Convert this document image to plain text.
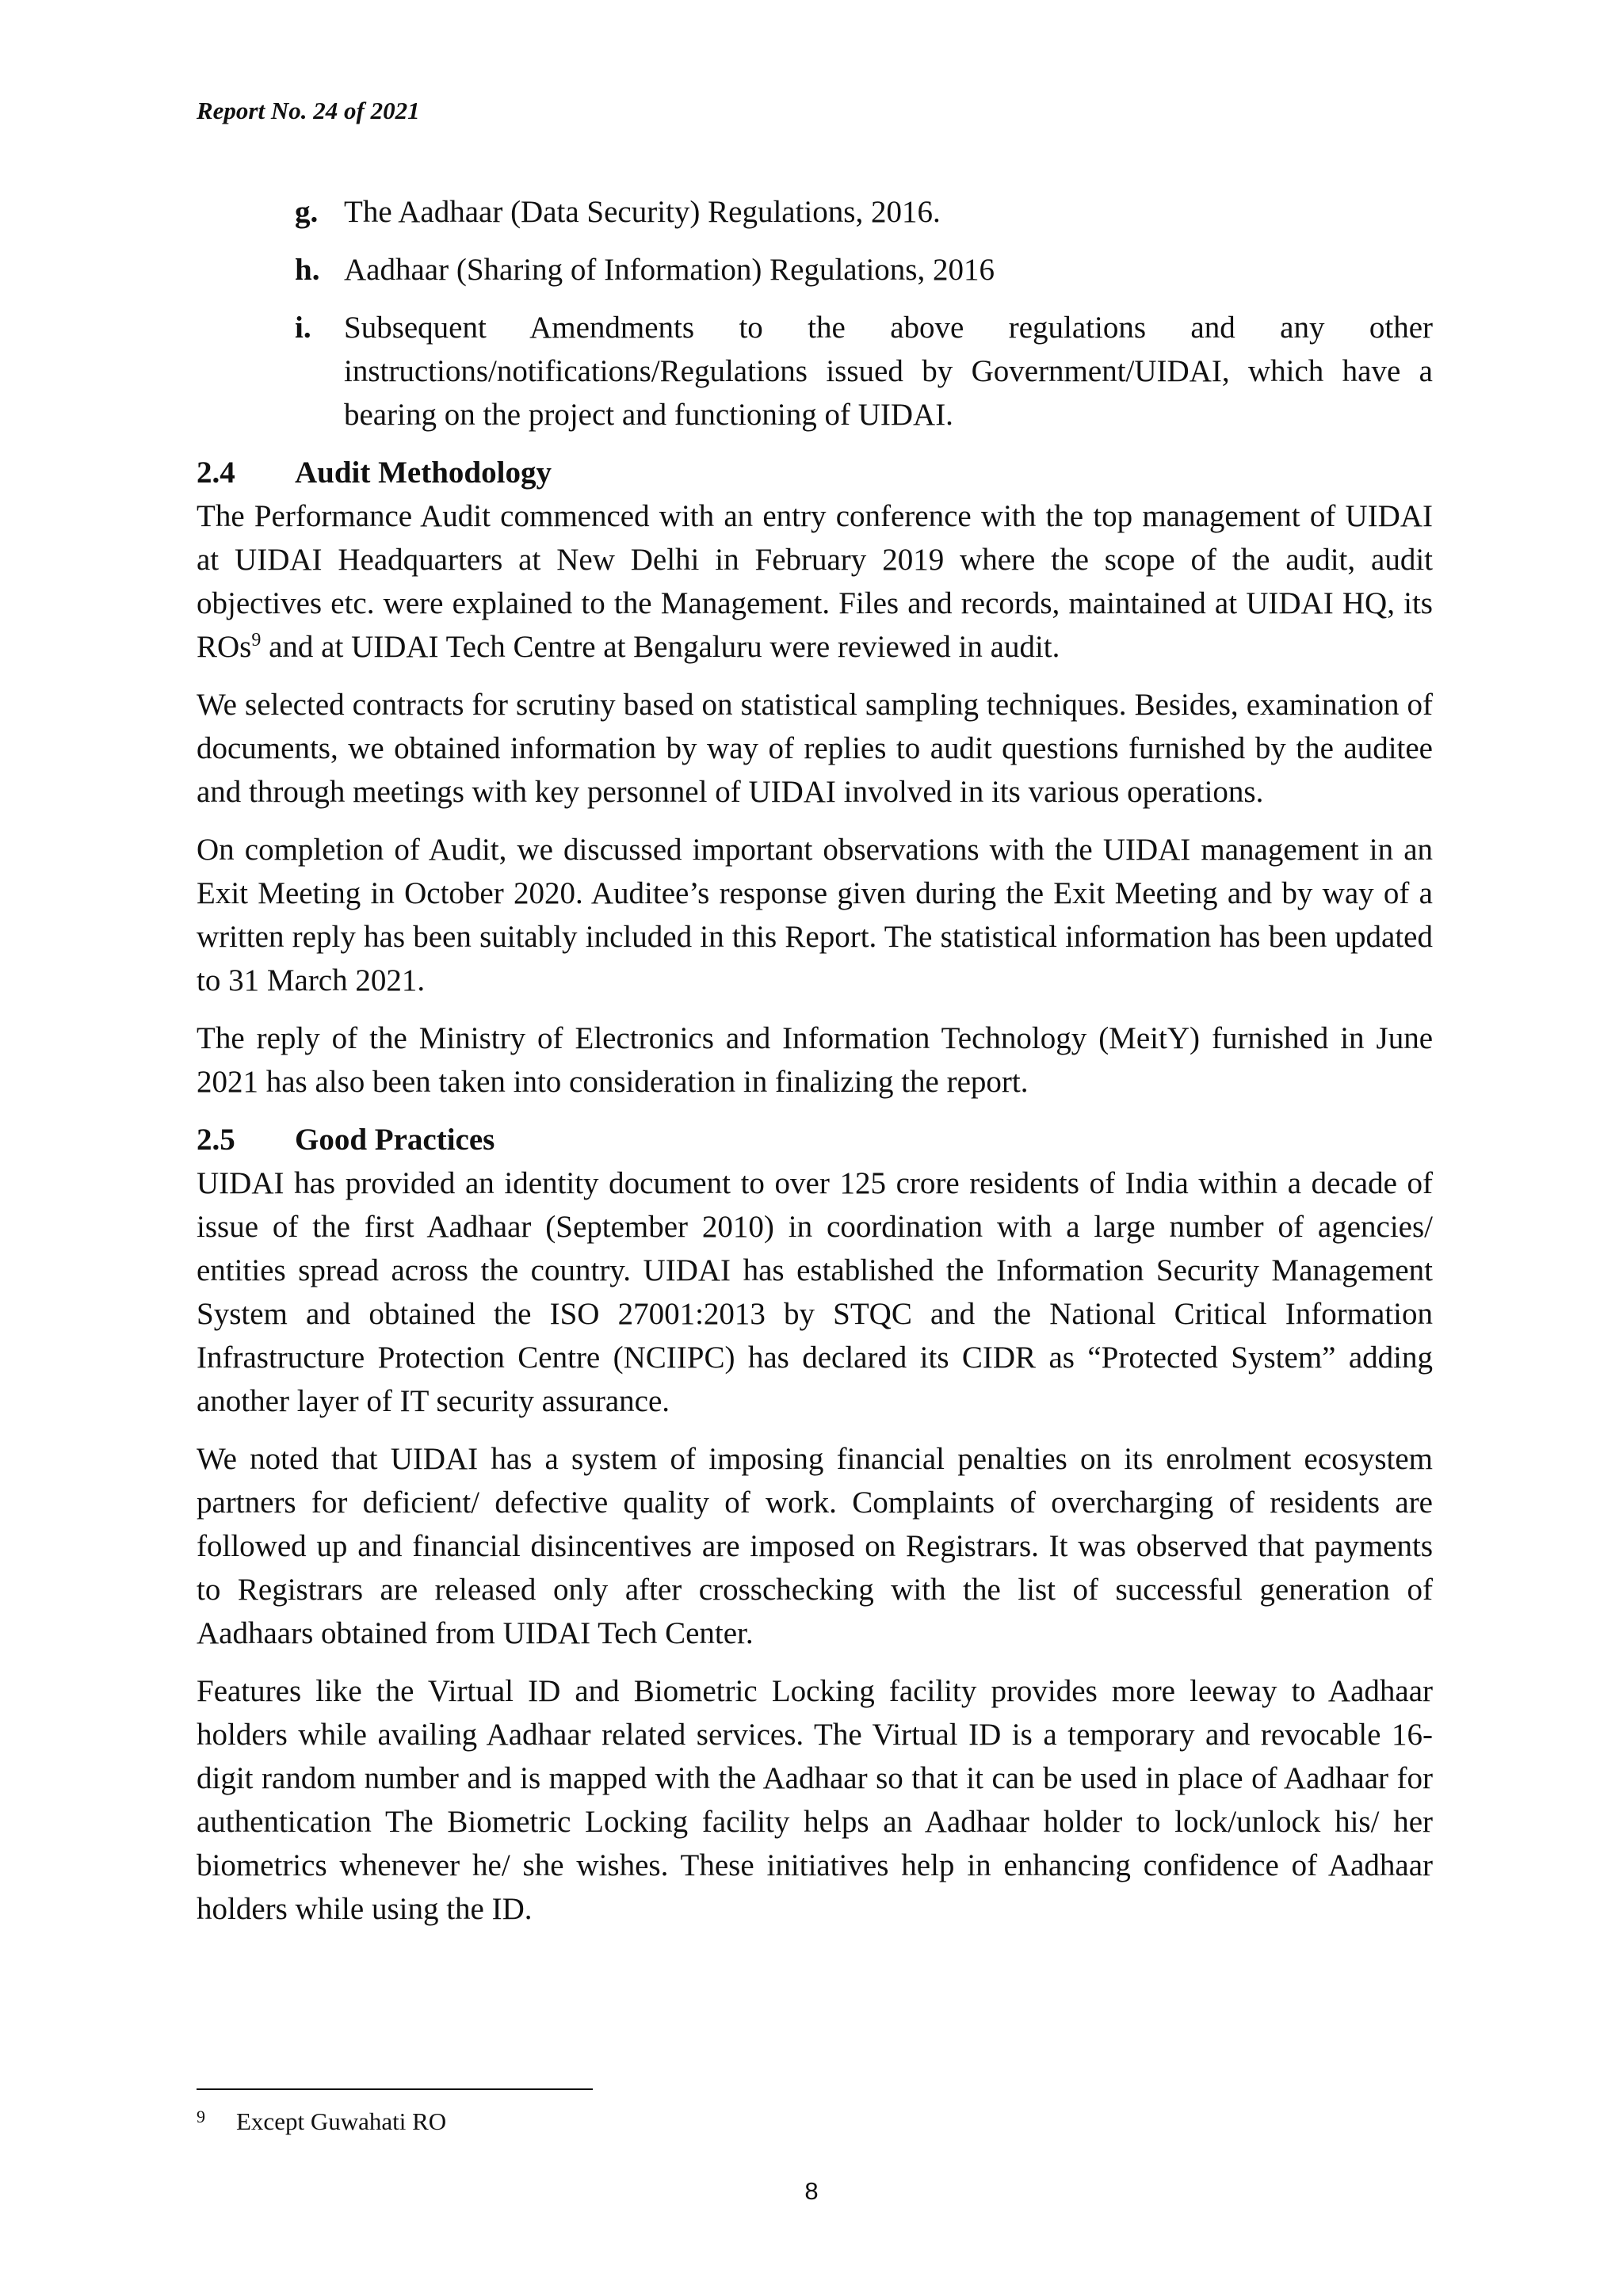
Report No. 24 of 2021
g. The Aadhaar (Data Security) Regulations, 2016.
h. Aadhaar (Sharing of Information) Regulations, 2016
i.	Subsequent Amendments to the above regulations and any other instructions/notifications/Regulations issued by Government/UIDAI, which have a bearing on the project and functioning of UIDAI.
2.4	Audit Methodology

The Performance Audit commenced with an entry conference with the top management of UIDAI at UIDAI Headquarters at New Delhi in February 2019 where the scope of the audit, audit objectives etc. were explained to the Management. Files and records, maintained at UIDAI HQ, its ROs$^9$ and at UIDAI Tech Centre at Bengaluru were reviewed in audit.

We selected contracts for scrutiny based on statistical sampling techniques. Besides, examination of documents, we obtained information by way of replies to audit questions furnished by the auditee and through meetings with key personnel of UIDAI involved in its various operations.

On completion of Audit, we discussed important observations with the UIDAI management in an Exit Meeting in October 2020. Auditee’s response given during the Exit Meeting and by way of a written reply has been suitably included in this Report. The statistical information has been updated to 31 March 2021.

The reply of the Ministry of Electronics and Information Technology (MeitY) furnished in June 2021 has also been taken into consideration in finalizing the report.

2.5	Good Practices

UIDAI has provided an identity document to over 125 crore residents of India within a decade of issue of the first Aadhaar (September 2010) in coordination with a large number of agencies/ entities spread across the country. UIDAI has established the Information Security Management System and obtained the ISO 27001:2013 by STQC and the National Critical Information Infrastructure Protection Centre (NCIIPC) has declared its CIDR as “Protected System” adding another layer of IT security assurance.

We noted that UIDAI has a system of imposing financial penalties on its enrolment ecosystem partners for deficient/ defective quality of work. Complaints of overcharging of residents are followed up and financial disincentives are imposed on Registrars. It was observed that payments to Registrars are released only after crosschecking with the list of successful generation of Aadhaars obtained from UIDAI Tech Center.

Features like the Virtual ID and Biometric Locking facility provides more leeway to Aadhaar holders while availing Aadhaar related services. The Virtual ID is a temporary and revocable 16-digit random number and is mapped with the Aadhaar so that it can be used in place of Aadhaar for authentication The Biometric Locking facility helps an Aadhaar holder to lock/unlock his/ her biometrics whenever he/ she wishes. These initiatives help in enhancing confidence of Aadhaar holders while using the ID.

9	Except Guwahati RO
8
